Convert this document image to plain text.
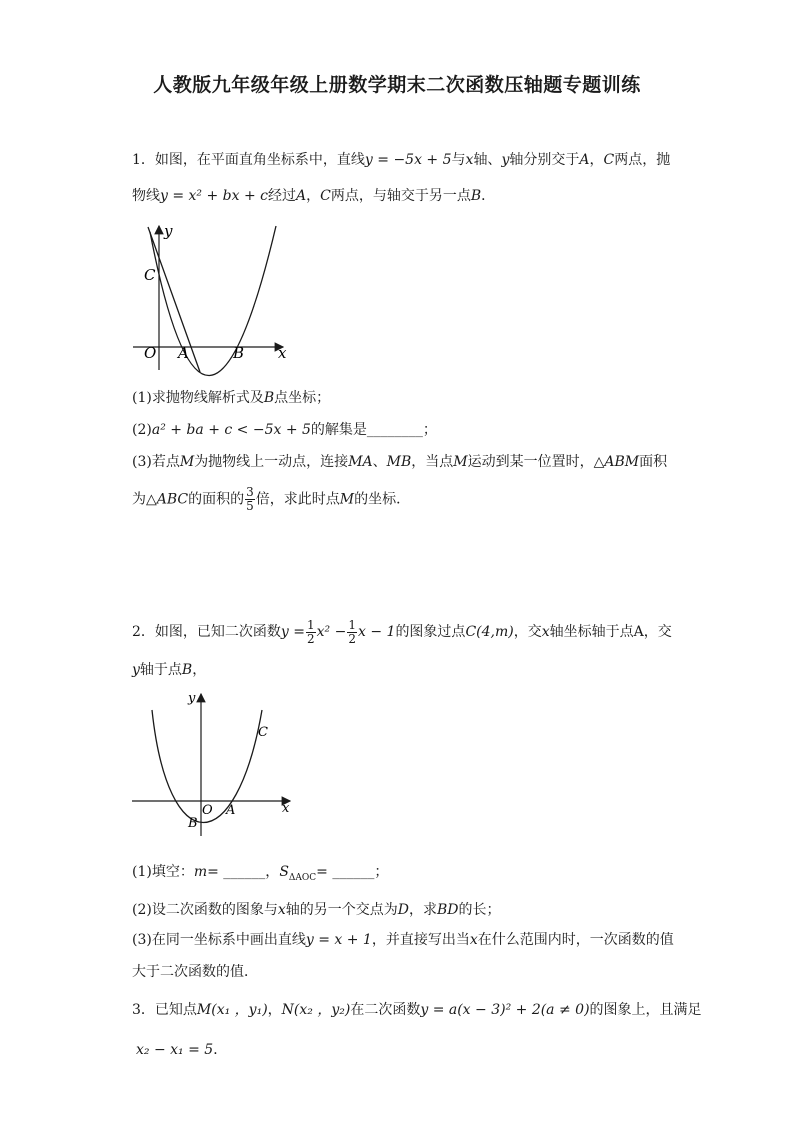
人教版九年级年级上册数学期末二次函数压轴题专题训练
1．如图，在平面直角坐标系中，直线y = −5x + 5与x轴、y轴分别交于A，C两点，抛
物线y = x² + bx + c经过A，C两点，与轴交于另一点B．
y
C
O A	B x
(1)求抛物线解析式及B点坐标；
(2)a² + ba + c < −5x + 5的解集是________；
(3)若点M为抛物线上一动点，连接MA、MB，当点M运动到某一位置时，△ABM面积
为△ABC的面积的 $\frac{3}{5}$ 倍，求此时点M的坐标．
2．如图，已知二次函数$y = \frac{1}{2} x^2 - \frac{1}{2}$ x − 1的图象过点C(4,m)，交x轴坐标轴于点A，交
y轴于点B，
y
C
O A
B
x
(1)填空：m= ______，$S_{\Delta AOC}=$ ______；
(2)设二次函数的图象与x轴的另一个交点为D，求BD的长；
(3)在同一坐标系中画出直线y = x + 1，并直接写出当x在什么范围内时，一次函数的值
大于二次函数的值．
3．已知点M(x₁ ，y₁)，N(x₂ ，y₂)在二次函数y = a(x − 3)² + 2(a ≠ 0)的图象上，且满足
x₂ − x₁ = 5．
